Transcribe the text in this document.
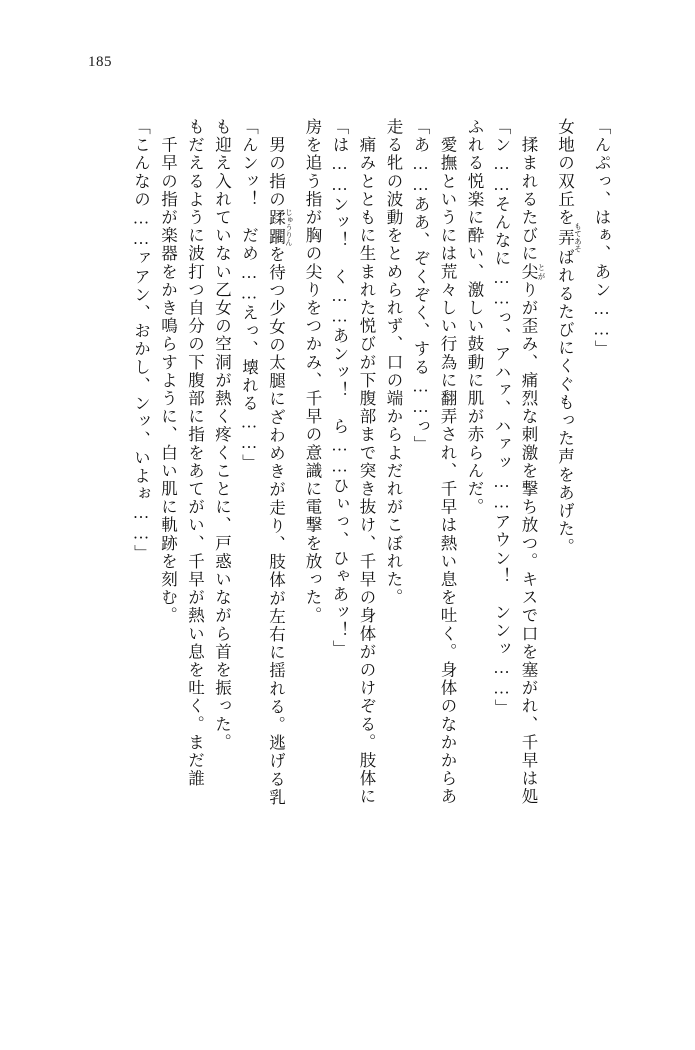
185
「こんなの……ァアン、おかし、ンッ、いよぉ……」 　千早の指が楽器をかき鳴らすように、白い肌に軌跡を刻む。 もだえるように波打つ自分の下腹部に指をあてがい、千早が熱い息を吐く。まだ誰 も迎え入れていない乙女の空洞が熱く疼くことに、戸惑いながら首を振った。 「んンッ！　だめ……えっ、壊れる……」 　男の指の蹂躙 じゅうりんを待つ少女の太腿にざわめきが走り、肢体が左右に揺れる。逃げる乳	房を追う指が胸の尖りをつかみ、千早の意識に電撃を放った。 「は……ンッ！　く……あンッ！　ら……ひぃっ、ひゃあッ！」 　痛みとともに生まれた悦びが下腹部まで突き抜け、千早の身体がのけぞる。肢体に 走る牝の波動をとめられず、口の端からよだれがこぼれた。 「あ……ああ、ぞくぞく、する……っ」 　愛撫というには荒々しい行為に翻弄され、千早は熱い息を吐く。身体のなかからあ ふれる悦楽に酔い、激しい鼓動に肌が赤らんだ。 「ン……そんなに……っ、アハァ、ハァッ……アウン！　ンンッ……」 　揉まれるたびに尖 とがりが歪み、痛烈な刺激を撃ち放つ。キスで口を塞がれ、千早は処
女地の双丘を弄 もてあそばれるたびにくぐもった声をあげた。
「んぷっ、はぁ、あン……」
